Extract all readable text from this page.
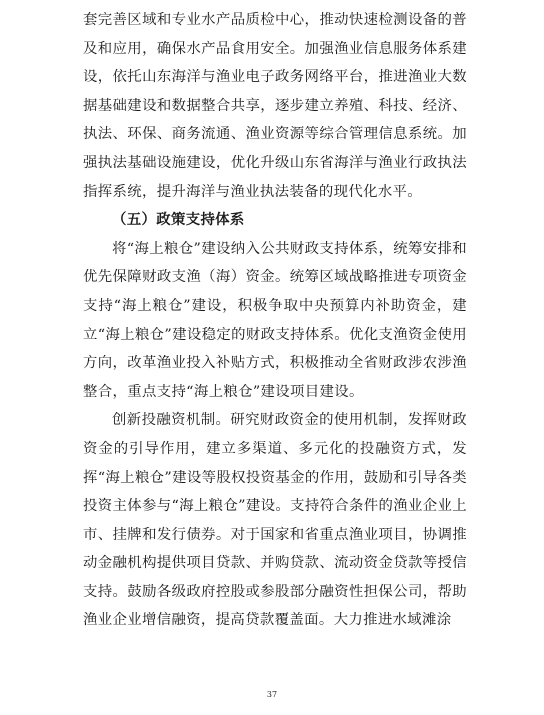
套完善区域和专业水产品质检中心，推动快速检测设备的普及和应用，确保水产品食用安全。加强渔业信息服务体系建设，依托山东海洋与渔业电子政务网络平台，推进渔业大数据基础建设和数据整合共享，逐步建立养殖、科技、经济、执法、环保、商务流通、渔业资源等综合管理信息系统。加强执法基础设施建设，优化升级山东省海洋与渔业行政执法指挥系统，提升海洋与渔业执法装备的现代化水平。

（五）政策支持体系

将“海上粮仓”建设纳入公共财政支持体系，统筹安排和优先保障财政支渔（海）资金。统筹区域战略推进专项资金支持“海上粮仓”建设，积极争取中央预算内补助资金，建立“海上粮仓”建设稳定的财政支持体系。优化支渔资金使用方向，改革渔业投入补贴方式，积极推动全省财政涉农涉渔整合，重点支持“海上粮仓”建设项目建设。

创新投融资机制。研究财政资金的使用机制，发挥财政资金的引导作用，建立多渠道、多元化的投融资方式，发挥“海上粮仓”建设等股权投资基金的作用，鼓励和引导各类投资主体参与“海上粮仓”建设。支持符合条件的渔业企业上市、挂牌和发行债券。对于国家和省重点渔业项目，协调推动金融机构提供项目贷款、并购贷款、流动资金贷款等授信支持。鼓励各级政府控股或参股部分融资性担保公司，帮助渔业企业增信融资，提高贷款覆盖面。大力推进水域滩涂

37
